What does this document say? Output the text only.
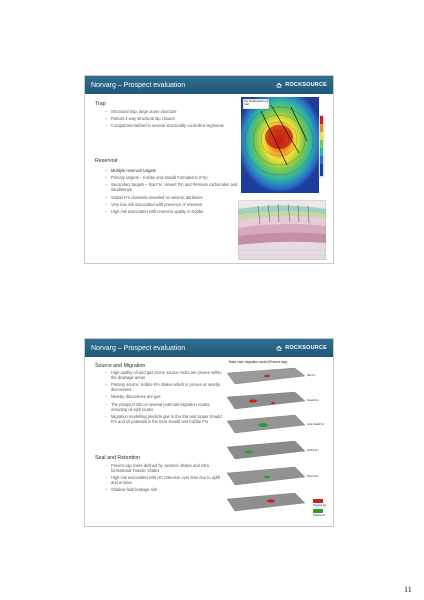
Norvarg – Prospect evaluation	ROCKSOURCE
Trap
– Structural trap, large dome structure
– Robust 4-way structural dip closure
– Compartmentalized in several structurally controlled segments
Reservoir
– Multiple reservoir targets
– Primary targets – Kobbe and Snadd Formations (Fm)
– Secondary targets – Stø Fm, Havert Fm and Permian carbonates and sandstones
– Snadd Fm channels revealed on seismic attributes
– Very low risk associated with presence of reservoir
– High risk associated with reservoir quality in Kobbe
Top Snadd depth (m) map
Norvarg – Prospect evaluation	ROCKSOURCE
Source and Migration
– High quality oil and gas prone source rocks are proven within the drainage areas
– Primary source: Kobbe Fm shales which is proven at nearby discoveries
– Nearby discoveries are gas
– The prospect sits on several potential migration routes, including oil spill routes
– Migration modelling predicts gas in the Stø and Upper Snadd Fm and oil potential in the Intra Snadd and Kobbe Fm
Seal and Retention
– Proven cap rocks defined by Jurassic shales and intra formational Triassic shales
– High risk associated with HC retention over time due to uplift and erosion
– Shallow fault leakage risk
Base case migration model (Present day)
Stø Fm
Snadd Fm
Intra Snadd Fm
Kobbe Fm
Havert Fm
Trapped gas
Trapped oil
11
